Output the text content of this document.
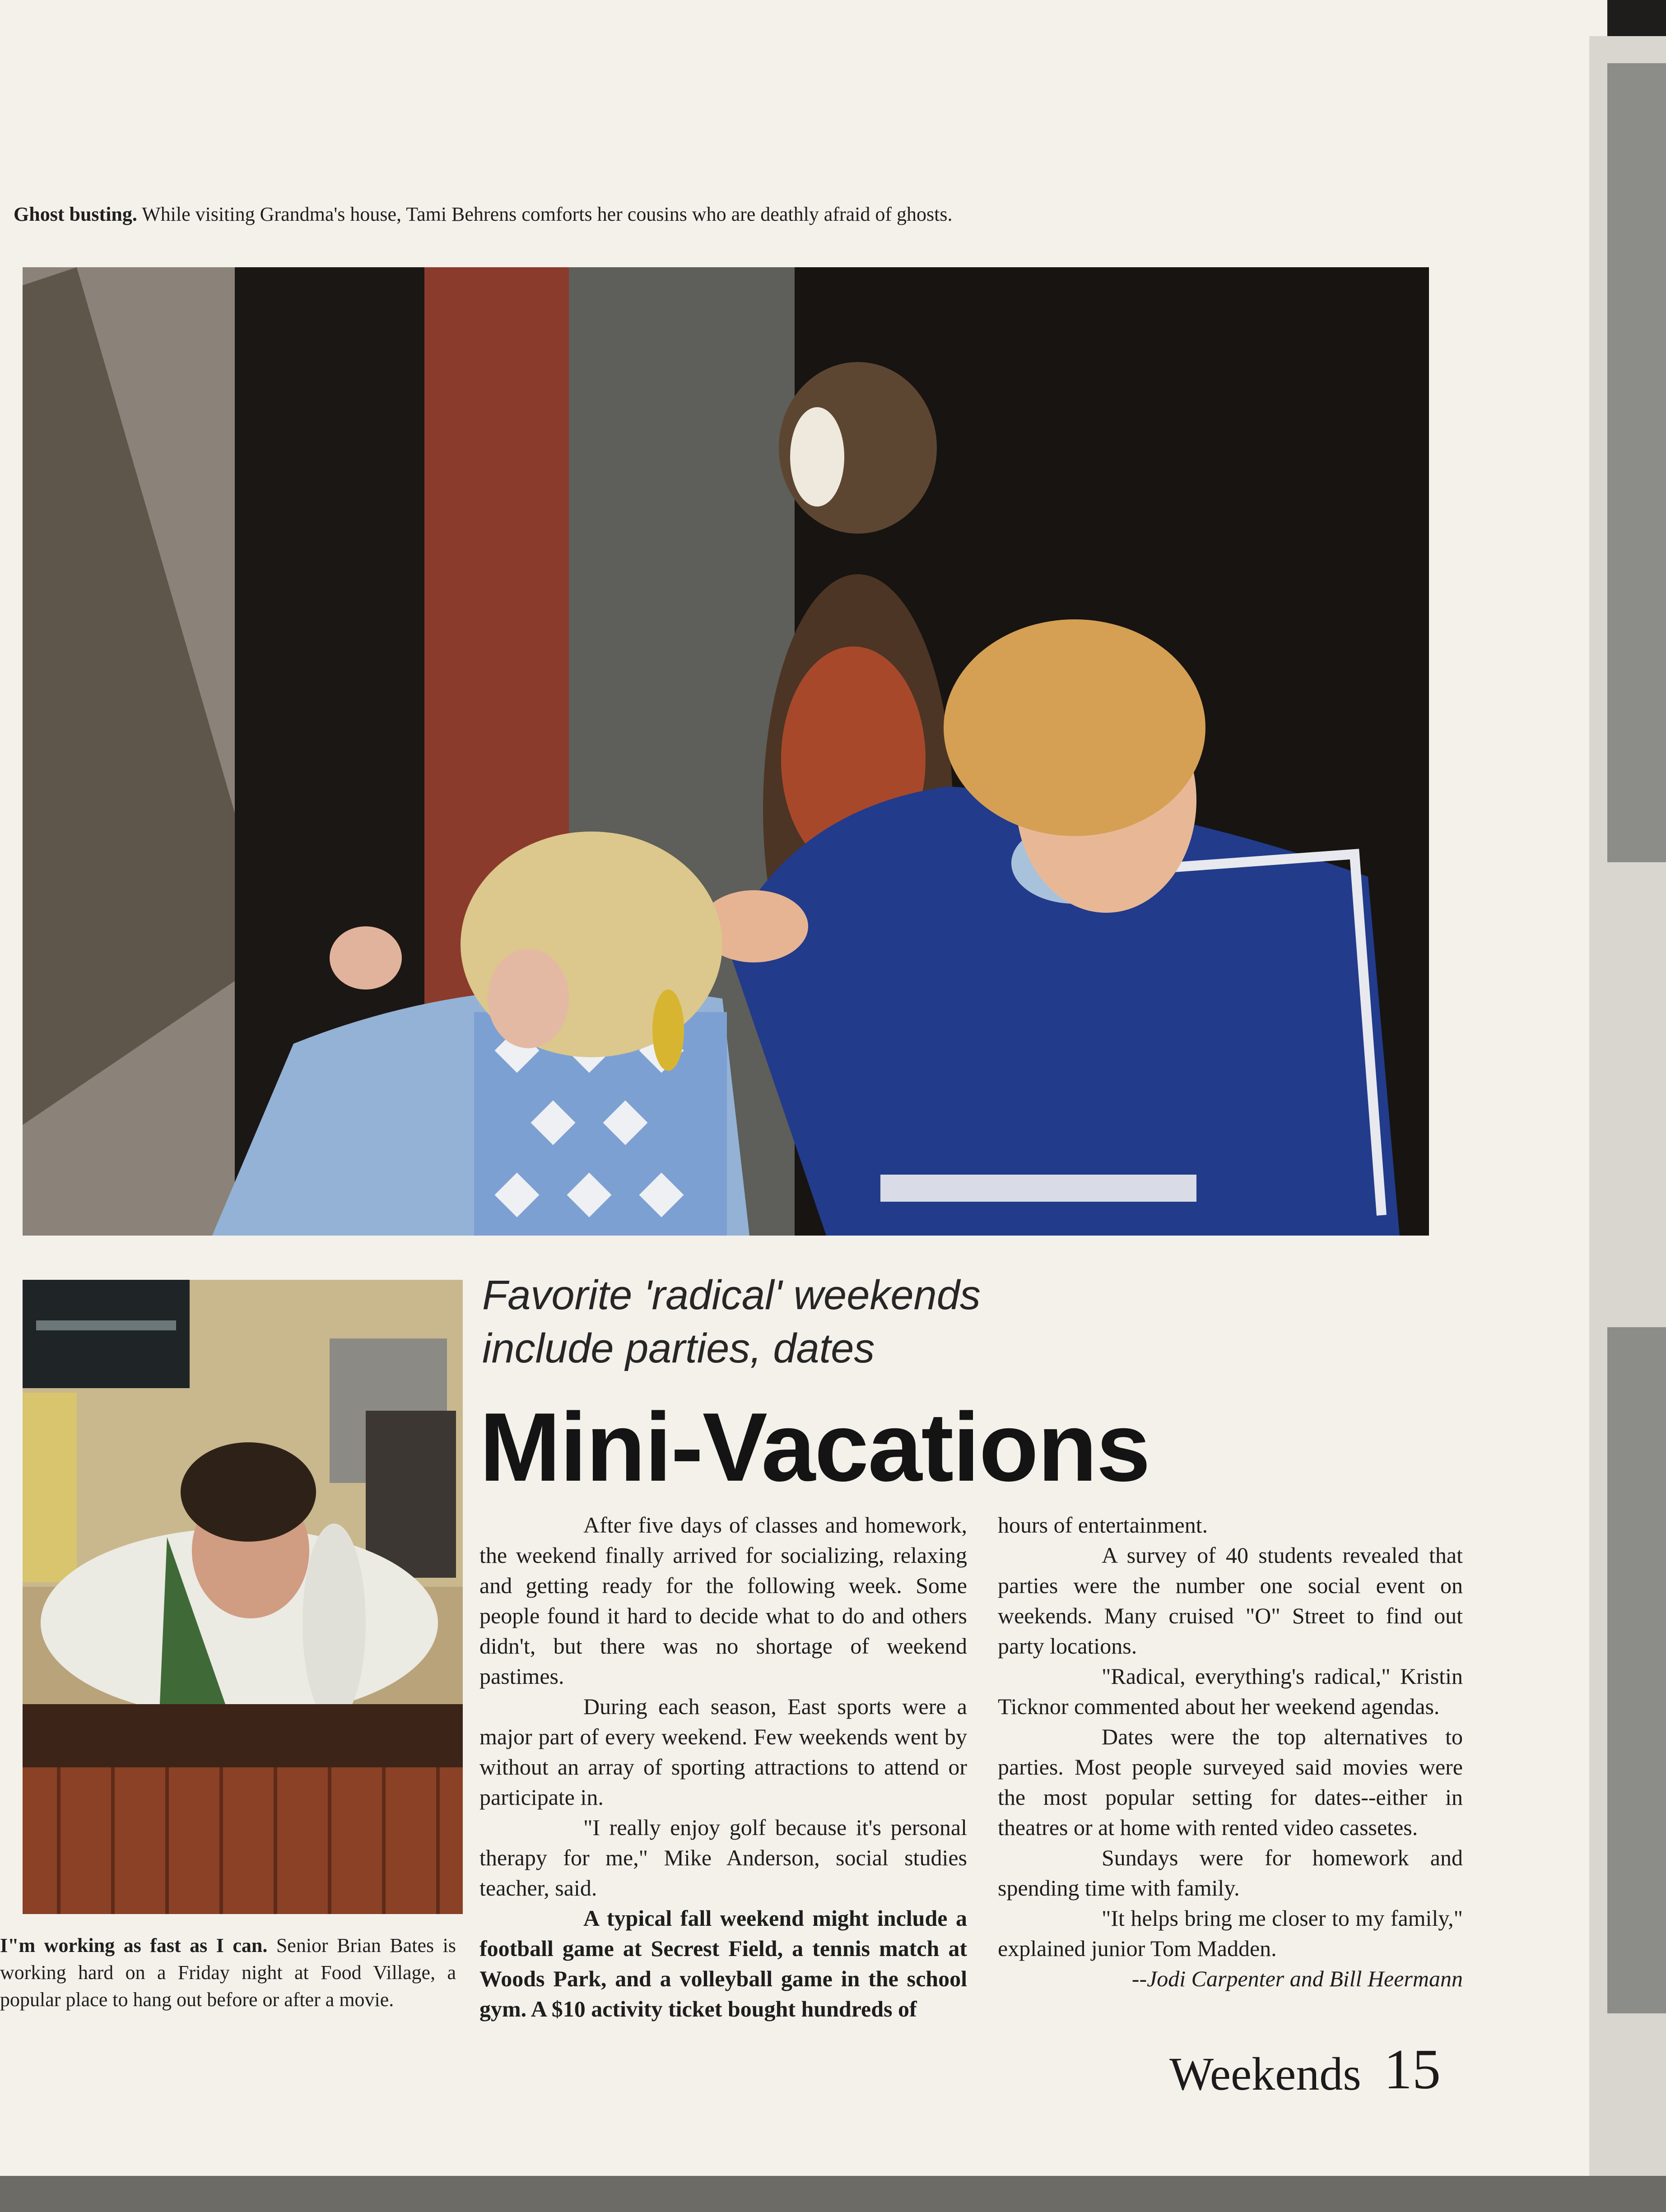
Ghost busting. While visiting Grandma's house, Tami Behrens comforts her cousins who are deathly afraid of ghosts.
I"m working as fast as I can. Senior Brian Bates is working hard on a Friday night at Food Village, a popular place to hang out before or after a movie.
Favorite 'radical' weekends
include parties, dates
Mini-Vacations

After five days of classes and homework, the weekend finally arrived for socializing, relaxing and getting ready for the following week. Some people found it hard to decide what to do and others didn't, but there was no shortage of weekend pastimes.

During each season, East sports were a major part of every weekend. Few weekends went by without an array of sporting attractions to attend or participate in.

"I really enjoy golf because it's personal therapy for me," Mike Anderson, social studies teacher, said.

A typical fall weekend might include a football game at Secrest Field, a tennis match at Woods Park, and a volleyball game in the school gym. A $10 activity ticket bought hundreds of

hours of entertainment.

A survey of 40 students revealed that parties were the number one social event on weekends. Many cruised "O" Street to find out party locations.

"Radical, everything's radical," Kristin Ticknor commented about her weekend agendas.

Dates were the top alternatives to parties. Most people surveyed said movies were the most popular setting for dates--either in theatres or at home with rented video cassetes.

Sundays were for homework and spending time with family.

"It helps bring me closer to my family," explained junior Tom Madden.

--Jodi Carpenter and Bill Heermann

Weekends 15
